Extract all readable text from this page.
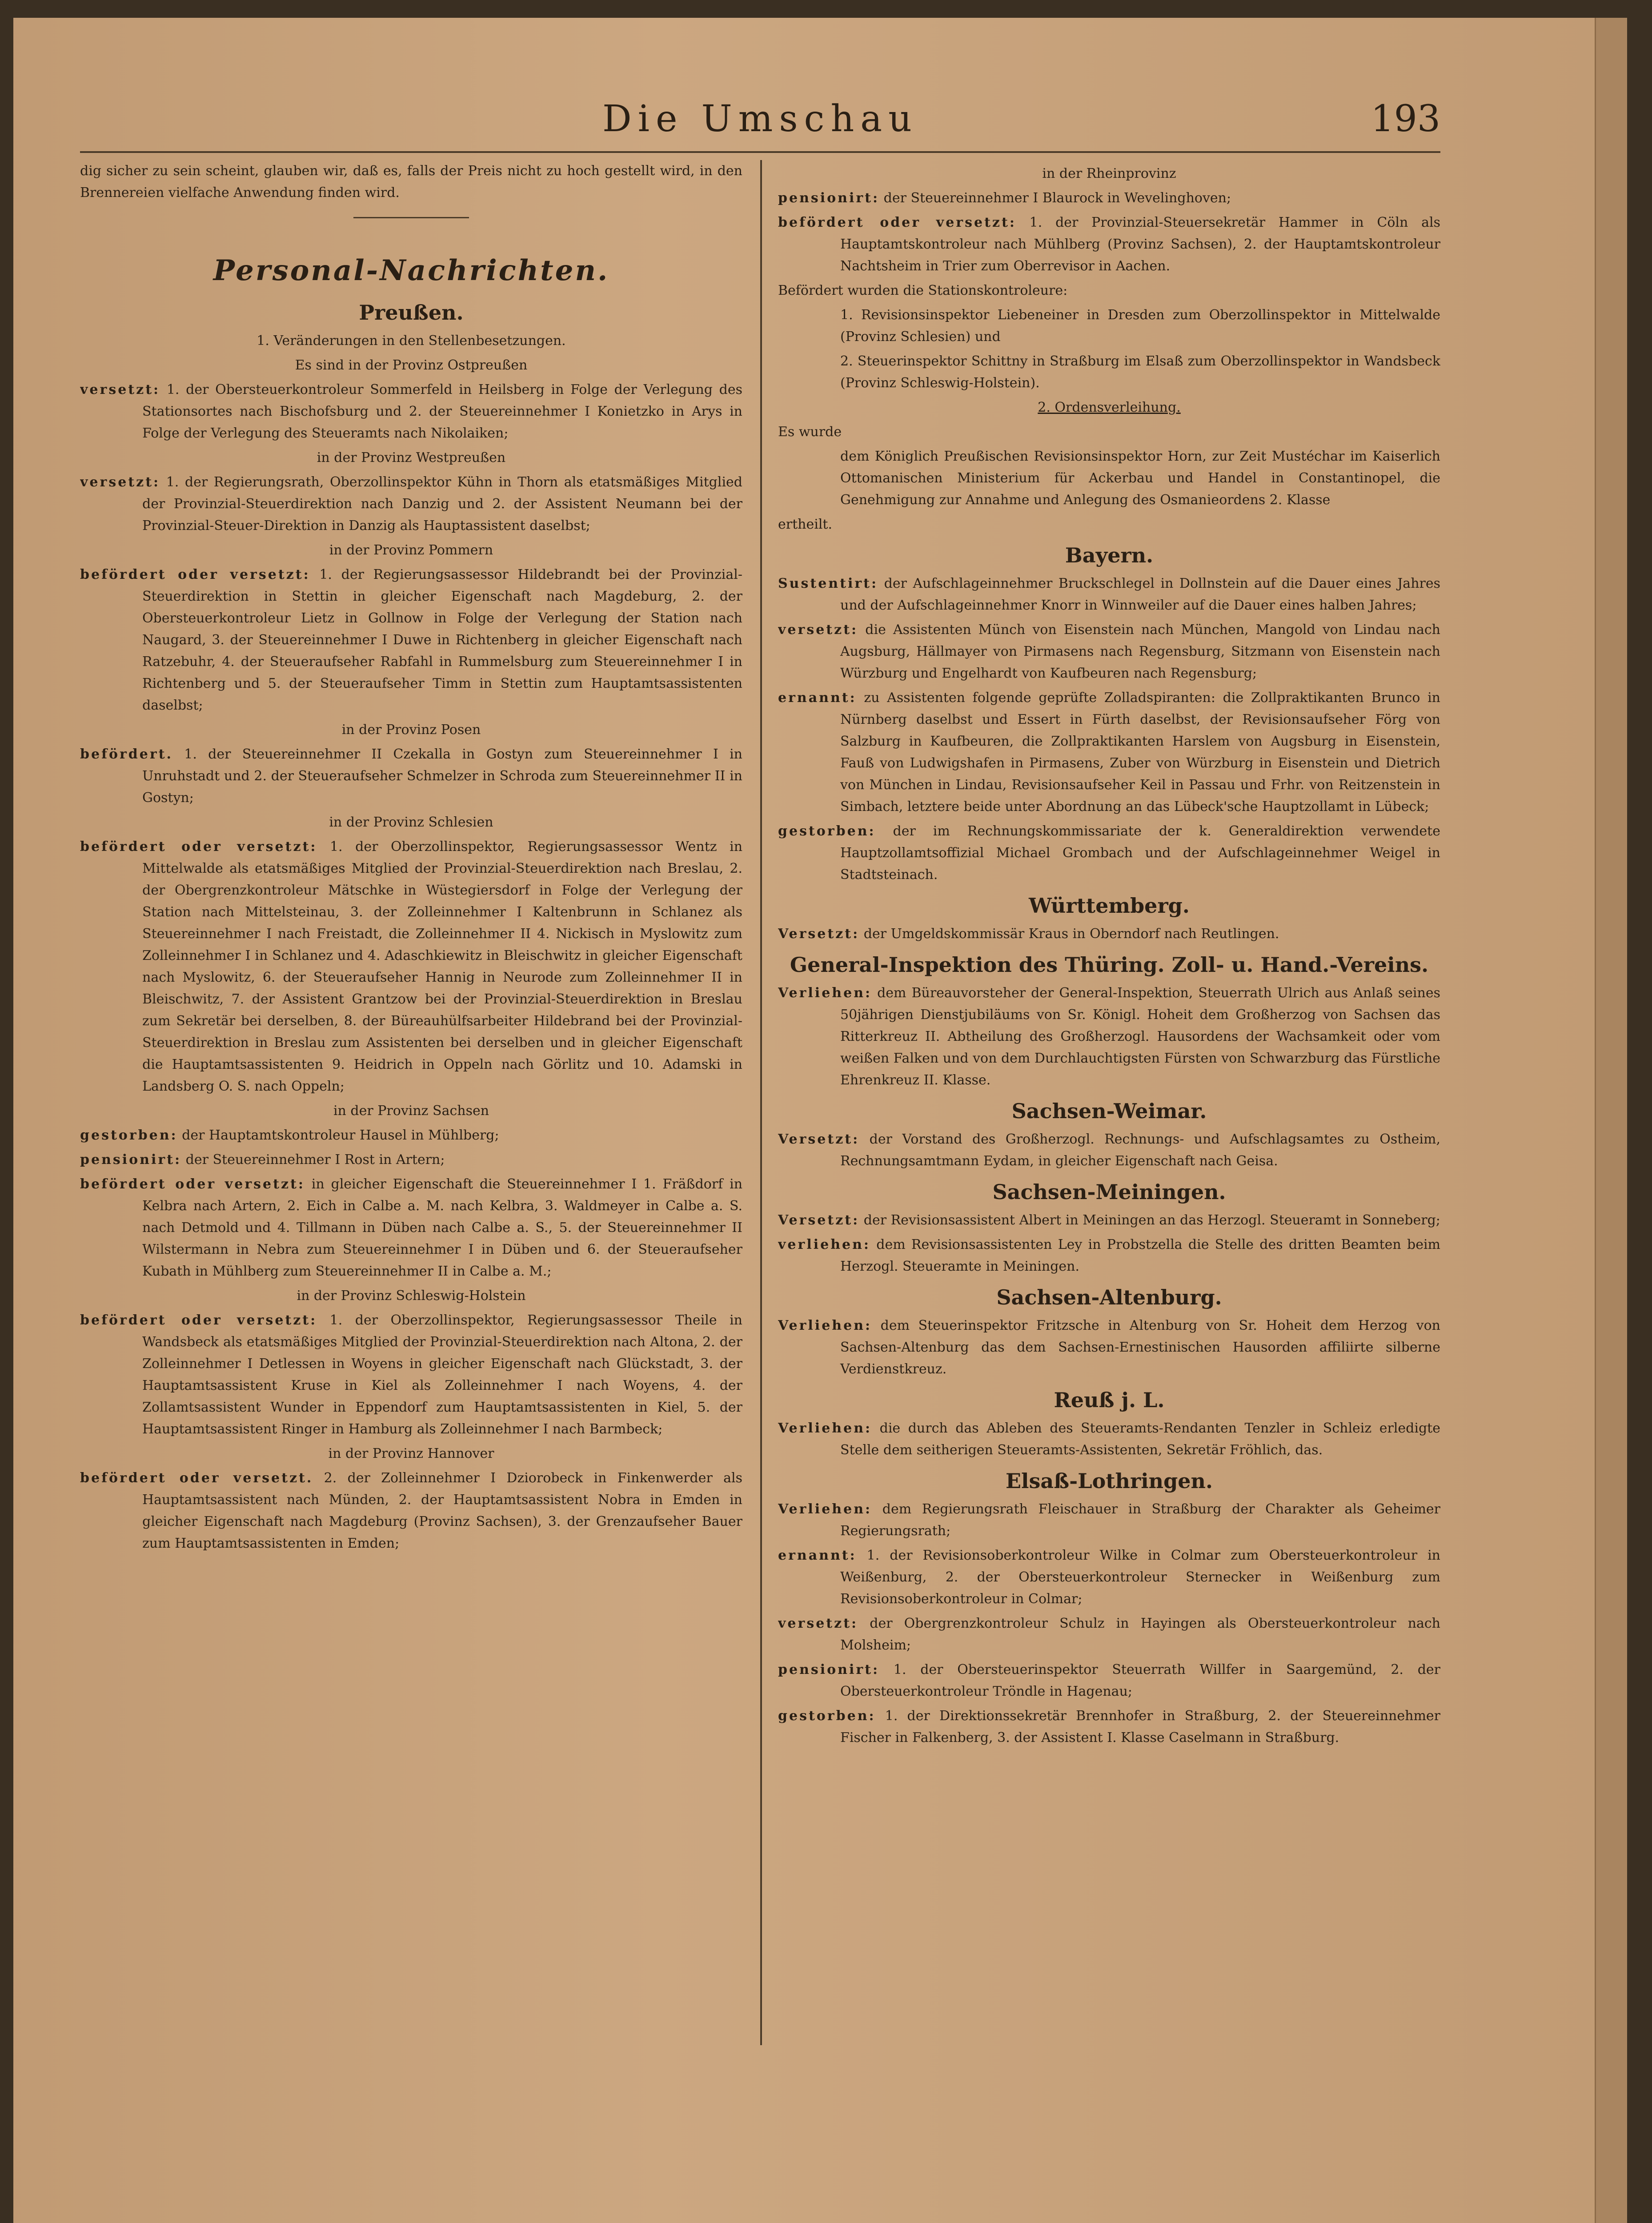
Die Umschau	193

dig sicher zu sein scheint, glauben wir, daß es, falls der Preis nicht zu hoch gestellt wird, in den Brennereien vielfache Anwendung finden wird.

Personal-Nachrichten.
Preußen.
1. Veränderungen in den Stellenbesetzungen.
Es sind in der Provinz Ostpreußen

versetzt: 1. der Obersteuerkontroleur Sommerfeld in Heilsberg in Folge der Verlegung des Stationsortes nach Bischofsburg und 2. der Steuereinnehmer I Konietzko in Arys in Folge der Verlegung des Steueramts nach Nikolaiken;

in der Provinz Westpreußen

versetzt: 1. der Regierungsrath, Oberzollinspektor Kühn in Thorn als etatsmäßiges Mitglied der Provinzial-Steuerdirektion nach Danzig und 2. der Assistent Neumann bei der Provinzial-Steuer-Direktion in Danzig als Hauptassistent daselbst;

in der Provinz Pommern

befördert oder versetzt: 1. der Regierungsassessor Hildebrandt bei der Provinzial-Steuerdirektion in Stettin in gleicher Eigenschaft nach Magdeburg, 2. der Obersteuerkontroleur Lietz in Gollnow in Folge der Verlegung der Station nach Naugard, 3. der Steuereinnehmer I Duwe in Richtenberg in gleicher Eigenschaft nach Ratzebuhr, 4. der Steueraufseher Rabfahl in Rummelsburg zum Steuereinnehmer I in Richtenberg und 5. der Steueraufseher Timm in Stettin zum Hauptamtsassistenten daselbst;

in der Provinz Posen

befördert. 1. der Steuereinnehmer II Czekalla in Gostyn zum Steuereinnehmer I in Unruhstadt und 2. der Steueraufseher Schmelzer in Schroda zum Steuereinnehmer II in Gostyn;

in der Provinz Schlesien

befördert oder versetzt: 1. der Oberzollinspektor, Regierungsassessor Wentz in Mittelwalde als etatsmäßiges Mitglied der Provinzial-Steuerdirektion nach Breslau, 2. der Obergrenzkontroleur Mätschke in Wüstegiersdorf in Folge der Verlegung der Station nach Mittelsteinau, 3. der Zolleinnehmer I Kaltenbrunn in Schlanez als Steuereinnehmer I nach Freistadt, die Zolleinnehmer II 4. Nickisch in Myslowitz zum Zolleinnehmer I in Schlanez und 4. Adaschkiewitz in Bleischwitz in gleicher Eigenschaft nach Myslowitz, 6. der Steueraufseher Hannig in Neurode zum Zolleinnehmer II in Bleischwitz, 7. der Assistent Grantzow bei der Provinzial-Steuerdirektion in Breslau zum Sekretär bei derselben, 8. der Büreauhülfsarbeiter Hildebrand bei der Provinzial-Steuerdirektion in Breslau zum Assistenten bei derselben und in gleicher Eigenschaft die Hauptamtsassistenten 9. Heidrich in Oppeln nach Görlitz und 10. Adamski in Landsberg O. S. nach Oppeln;

in der Provinz Sachsen

gestorben: der Hauptamtskontroleur Hausel in Mühlberg;

pensionirt: der Steuereinnehmer I Rost in Artern;

befördert oder versetzt: in gleicher Eigenschaft die Steuereinnehmer I 1. Fräßdorf in Kelbra nach Artern, 2. Eich in Calbe a. M. nach Kelbra, 3. Waldmeyer in Calbe a. S. nach Detmold und 4. Tillmann in Düben nach Calbe a. S., 5. der Steuereinnehmer II Wilstermann in Nebra zum Steuereinnehmer I in Düben und 6. der Steueraufseher Kubath in Mühlberg zum Steuereinnehmer II in Calbe a. M.;

in der Provinz Schleswig-Holstein

befördert oder versetzt: 1. der Oberzollinspektor, Regierungsassessor Theile in Wandsbeck als etatsmäßiges Mitglied der Provinzial-Steuerdirektion nach Altona, 2. der Zolleinnehmer I Detlessen in Woyens in gleicher Eigenschaft nach Glückstadt, 3. der Hauptamtsassistent Kruse in Kiel als Zolleinnehmer I nach Woyens, 4. der Zollamtsassistent Wunder in Eppendorf zum Hauptamtsassistenten in Kiel, 5. der Hauptamtsassistent Ringer in Hamburg als Zolleinnehmer I nach Barmbeck;

in der Provinz Hannover

befördert oder versetzt. 2. der Zolleinnehmer I Dziorobeck in Finkenwerder als Hauptamtsassistent nach Münden, 2. der Hauptamtsassistent Nobra in Emden in gleicher Eigenschaft nach Magdeburg (Provinz Sachsen), 3. der Grenzaufseher Bauer zum Hauptamtsassistenten in Emden;

in der Rheinprovinz

pensionirt: der Steuereinnehmer I Blaurock in Wevelinghoven;

befördert oder versetzt: 1. der Provinzial-Steuersekretär Hammer in Cöln als Hauptamtskontroleur nach Mühlberg (Provinz Sachsen), 2. der Hauptamtskontroleur Nachtsheim in Trier zum Oberrevisor in Aachen.

Befördert wurden die Stationskontroleure:

1. Revisionsinspektor Liebeneiner in Dresden zum Oberzollinspektor in Mittelwalde (Provinz Schlesien) und

2. Steuerinspektor Schittny in Straßburg im Elsaß zum Oberzollinspektor in Wandsbeck (Provinz Schleswig-Holstein).

2. Ordensverleihung.

Es wurde

dem Königlich Preußischen Revisionsinspektor Horn, zur Zeit Mustéchar im Kaiserlich Ottomanischen Ministerium für Ackerbau und Handel in Constantinopel, die Genehmigung zur Annahme und Anlegung des Osmanieordens 2. Klasse

ertheilt.

Bayern.

Sustentirt: der Aufschlageinnehmer Bruckschlegel in Dollnstein auf die Dauer eines Jahres und der Aufschlageinnehmer Knorr in Winnweiler auf die Dauer eines halben Jahres;

versetzt: die Assistenten Münch von Eisenstein nach München, Mangold von Lindau nach Augsburg, Hällmayer von Pirmasens nach Regensburg, Sitzmann von Eisenstein nach Würzburg und Engelhardt von Kaufbeuren nach Regensburg;

ernannt: zu Assistenten folgende geprüfte Zolladspiranten: die Zollpraktikanten Brunco in Nürnberg daselbst und Essert in Fürth daselbst, der Revisionsaufseher Förg von Salzburg in Kaufbeuren, die Zollpraktikanten Harslem von Augsburg in Eisenstein, Fauß von Ludwigshafen in Pirmasens, Zuber von Würzburg in Eisenstein und Dietrich von München in Lindau, Revisionsaufseher Keil in Passau und Frhr. von Reitzenstein in Simbach, letztere beide unter Abordnung an das Lübeck'sche Hauptzollamt in Lübeck;

gestorben: der im Rechnungskommissariate der k. Generaldirektion verwendete Hauptzollamtsoffizial Michael Grombach und der Aufschlageinnehmer Weigel in Stadtsteinach.

Württemberg.

Versetzt: der Umgeldskommissär Kraus in Oberndorf nach Reutlingen.

General-Inspektion des Thüring. Zoll- u. Hand.-Vereins.

Verliehen: dem Büreauvorsteher der General-Inspektion, Steuerrath Ulrich aus Anlaß seines 50jährigen Dienstjubiläums von Sr. Königl. Hoheit dem Großherzog von Sachsen das Ritterkreuz II. Abtheilung des Großherzogl. Hausordens der Wachsamkeit oder vom weißen Falken und von dem Durchlauchtigsten Fürsten von Schwarzburg das Fürstliche Ehrenkreuz II. Klasse.

Sachsen-Weimar.

Versetzt: der Vorstand des Großherzogl. Rechnungs- und Aufschlagsamtes zu Ostheim, Rechnungsamtmann Eydam, in gleicher Eigenschaft nach Geisa.

Sachsen-Meiningen.

Versetzt: der Revisionsassistent Albert in Meiningen an das Herzogl. Steueramt in Sonneberg;

verliehen: dem Revisionsassistenten Ley in Probstzella die Stelle des dritten Beamten beim Herzogl. Steueramte in Meiningen.

Sachsen-Altenburg.

Verliehen: dem Steuerinspektor Fritzsche in Altenburg von Sr. Hoheit dem Herzog von Sachsen-Altenburg das dem Sachsen-Ernestinischen Hausorden affiliirte silberne Verdienstkreuz.

Reuß j. L.

Verliehen: die durch das Ableben des Steueramts-Rendanten Tenzler in Schleiz erledigte Stelle dem seitherigen Steueramts-Assistenten, Sekretär Fröhlich, das.

Elsaß-Lothringen.

Verliehen: dem Regierungsrath Fleischauer in Straßburg der Charakter als Geheimer Regierungsrath;

ernannt: 1. der Revisionsoberkontroleur Wilke in Colmar zum Obersteuerkontroleur in Weißenburg, 2. der Obersteuerkontroleur Sternecker in Weißenburg zum Revisionsoberkontroleur in Colmar;

versetzt: der Obergrenzkontroleur Schulz in Hayingen als Obersteuerkontroleur nach Molsheim;

pensionirt: 1. der Obersteuerinspektor Steuerrath Willfer in Saargemünd, 2. der Obersteuerkontroleur Tröndle in Hagenau;

gestorben: 1. der Direktionssekretär Brennhofer in Straßburg, 2. der Steuereinnehmer Fischer in Falkenberg, 3. der Assistent I. Klasse Caselmann in Straßburg.
